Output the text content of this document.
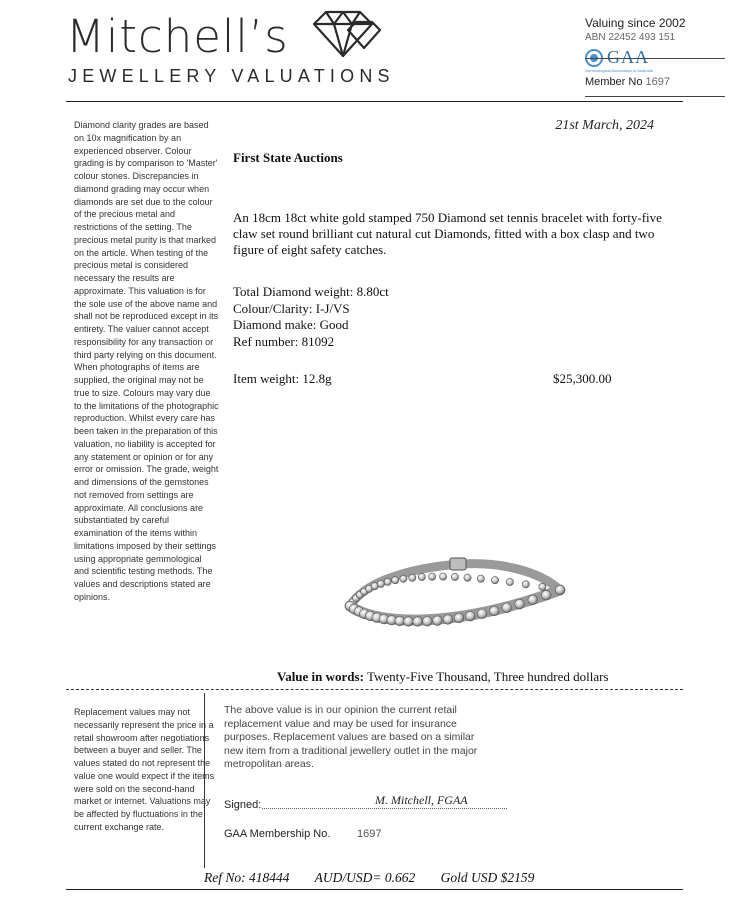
Mitchell’s
JEWELLERY VALUATIONS
Valuing since 2002
ABN 22452 493 151
GAA
Gemmological Association of Australia
Member No 1697
Diamond clarity grades are based on 10x magnification by an experienced observer. Colour grading is by comparison to 'Master' colour stones. Discrepancies in diamond grading may occur when diamonds are set due to the colour of the precious metal and restrictions of the setting. The precious metal purity is that marked on the article. When testing of the precious metal is considered necessary the results are approximate. This valuation is for the sole use of the above name and shall not be reproduced except in its entirety. The valuer cannot accept responsibility for any transaction or third party relying on this document. When photographs of items are supplied, the original may not be true to size. Colours may vary due to the limitations of the photographic reproduction. Whilst every care has been taken in the preparation of this valuation, no liability is accepted for any statement or opinion or for any error or omission. The grade, weight and dimensions of the gemstones not removed from settings are approximate. All conclusions are substantiated by careful examination of the items within limitations imposed by their settings using appropriate gemmological and scientific testing methods. The values and descriptions stated are opinions.
21st March, 2024
First State Auctions
An 18cm 18ct white gold stamped 750 Diamond set tennis bracelet with forty-five claw set round brilliant cut natural cut Diamonds, fitted with a box clasp and two figure of eight safety catches.
Total Diamond weight: 8.80ct
Colour/Clarity: I-J/VS
Diamond make: Good
Ref number: 81092
Item weight: 12.8g	$25,300.00
Value in words: Twenty-Five Thousand, Three hundred dollars
Replacement values may not necessarily represent the price in a retail showroom after negotiations between a buyer and seller. The values stated do not represent the value one would expect if the items were sold on the second-hand market or internet. Valuations may be affected by fluctuations in the current exchange rate.
The above value is in our opinion the current retail replacement value and may be used for insurance purposes. Replacement values are based on a similar new item from a traditional jewellery outlet in the major metropolitan areas.
Signed:	M. Mitchell, FGAA
GAA Membership No. 1697
Ref No: 418444 AUD/USD= 0.662 Gold USD $2159
